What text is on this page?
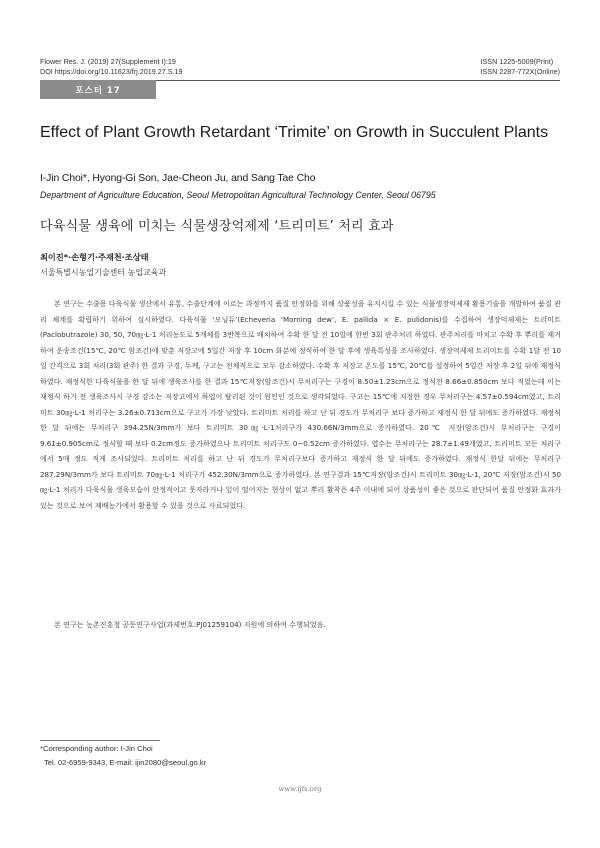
Flower Res. J. (2019) 27(Supplement I):19
DOI https://doi.org/10.11623/frj.2019.27.S.19
ISSN 1225-5009(Print)
ISSN 2287-772X(Online)
포스터 17
Effect of Plant Growth Retardant ‘Trimite’ on Growth in Succulent Plants
I-Jin Choi*, Hyong-Gi Son, Jae-Cheon Ju, and Sang Tae Cho
Department of Agriculture Education, Seoul Metropolitan Agricultural Technology Center, Seoul 06795
다육식물 생육에 미치는 식물생장억제제 ‘트리미트’ 처리 효과
최이진*·손형기·주재천·조상태
서울특별시농업기술센터 농업교육과

본 연구는 수출용 다육식물 생산에서 유통, 수출단계에 이르는 과정까지 품질 안정화를 위해 상품성을 유지시킬 수 있는 식물생장억제제 활용기술을 개발하여 품질 관리 체계를 확립하기 위하여 실시하였다. 다육식물 ‘모닝듀’(Echeveria ‘Morning dew’, E. pallida × E. pulidonis)를 수집하여 생장억제제는 트리미트(Paclobutrazole) 30, 50, 70㎎·L-1 처리농도로 5개체를 3반복으로 배치하여 수확 한 달 전 10일에 한번 3회 관주처리 하였다. 관주처리를 마치고 수확 후 뿌리를 제거하여 운송조건(15℃, 20℃ 암조건)에 맞춘 저장고에 5일간 저장 후 10cm 화분에 정식하여 한 달 후에 생육특성을 조사하였다. 생장억제제 트리미트를 수확 1달 전 10일 간격으로 3회 처리(3회 관주) 한 결과 구경, 두께, 구고는 전체적으로 모두 감소하였다. 수확 후 저장고 온도를 15℃, 20℃를 설정하여 5일간 저장 후 2일 뒤에 재정식하였다. 재정식한 다육식물을 한 달 뒤에 생육조사를 한 결과 15℃저장(암조건)시 무처리구는 구경이 8.50±1.23cm으로 정식전 8.66±0.850cm 보다 적었는데 이는 재정식 하기 전 생육조사시 구경 감소는 저장고에서 하엽이 탈리된 것이 원인인 것으로 생각되었다. 구고는 15℃에 저장한 경우 무처리구는 4.57±0.594cm였고, 트리미트 30㎎·L-1 처리구는 3.26±0.713cm으로 구고가 가장 낮았다. 트리미트 처리를 하고 난 뒤 경도가 무처리구 보다 증가하고 재정식 한 달 뒤에도 증가하였다. 재정식 한 달 뒤에는 무처리구 394.25N/3mm가 보다 트리미트 30㎎·L-1처리구가 430.66N/3mm으로 증가하였다. 20℃ 저장(암조건)시 무처리구는 구경이 9.61±0.905cm로 정식할 때 보다 0.2cm정도 증가하였으나 트리미트 처리구도 0~0.52cm 증가하였다. 엽수는 무처리구는 28.7±1.49개였고, 트리미트 모든 처리구에서 5매 정도 적게 조사되었다. 트리미트 처리를 하고 난 뒤 경도가 무처리구보다 증가하고 재정식 한 달 뒤에도 증가하였다. 재정식 한달 뒤에는 무처리구 287.29N/3mm가 보다 트리미트 70㎎·L-1 처리구가 452.30N/3mm으로 증가하였다. 본 연구결과 15℃저장(암조건)시 트리미트 30㎎·L-1, 20℃ 저장(암조건)시 50㎎·L-1 처리가 다육식물 생육모습이 안정적이고 웃자라거나 잎이 떨어지는 현상이 없고 뿌리 활착은 4주 이내에 되어 상품성이 좋은 것으로 판단되어 품질 안정화 효과가 있는 것으로 보여 재배농가에서 활용할 수 있을 것으로 사료되었다.

본 연구는 농촌진흥청 공동연구사업(과제번호:PJ01259104) 지원에 의하여 수행되었음.

*Corresponding author: I-Jin Choi
Tel. 02-6959-9343, E-mail: ijin2080@seoul.go.kr
www.ijfs.org
